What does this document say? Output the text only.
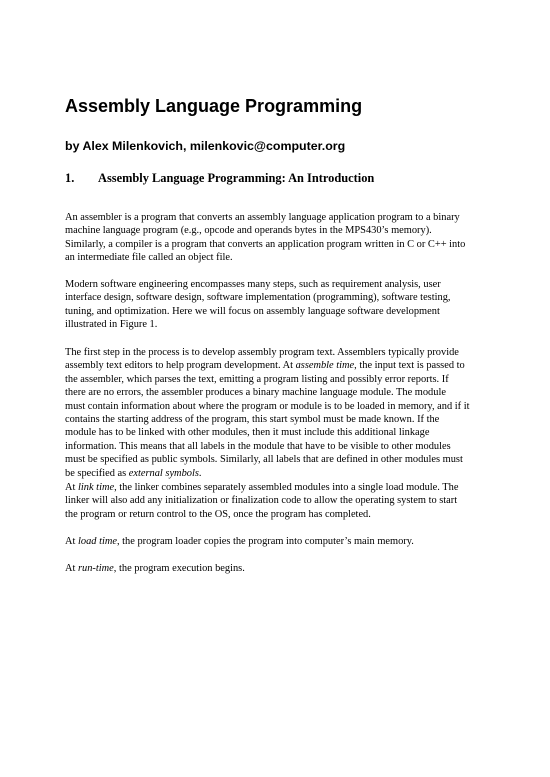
Assembly Language Programming
by Alex Milenkovich, milenkovic@computer.org
1. Assembly Language Programming: An Introduction
An assembler is a program that converts an assembly language application program to a binary
machine language program (e.g., opcode and operands bytes in the MPS430’s memory).
Similarly, a compiler is a program that converts an application program written in C or C++ into
an intermediate file called an object file.
Modern software engineering encompasses many steps, such as requirement analysis, user
interface design, software design, software implementation (programming), software testing,
tuning, and optimization. Here we will focus on assembly language software development
illustrated in Figure 1.
The first step in the process is to develop assembly program text. Assemblers typically provide
assembly text editors to help program development. At assemble time, the input text is passed to
the assembler, which parses the text, emitting a program listing and possibly error reports. If
there are no errors, the assembler produces a binary machine language module. The module
must contain information about where the program or module is to be loaded in memory, and if it
contains the starting address of the program, this start symbol must be made known. If the
module has to be linked with other modules, then it must include this additional linkage
information. This means that all labels in the module that have to be visible to other modules
must be specified as public symbols. Similarly, all labels that are defined in other modules must
be specified as external symbols.
At link time, the linker combines separately assembled modules into a single load module. The
linker will also add any initialization or finalization code to allow the operating system to start
the program or return control to the OS, once the program has completed.
At load time, the program loader copies the program into computer’s main memory.
At run-time, the program execution begins.
